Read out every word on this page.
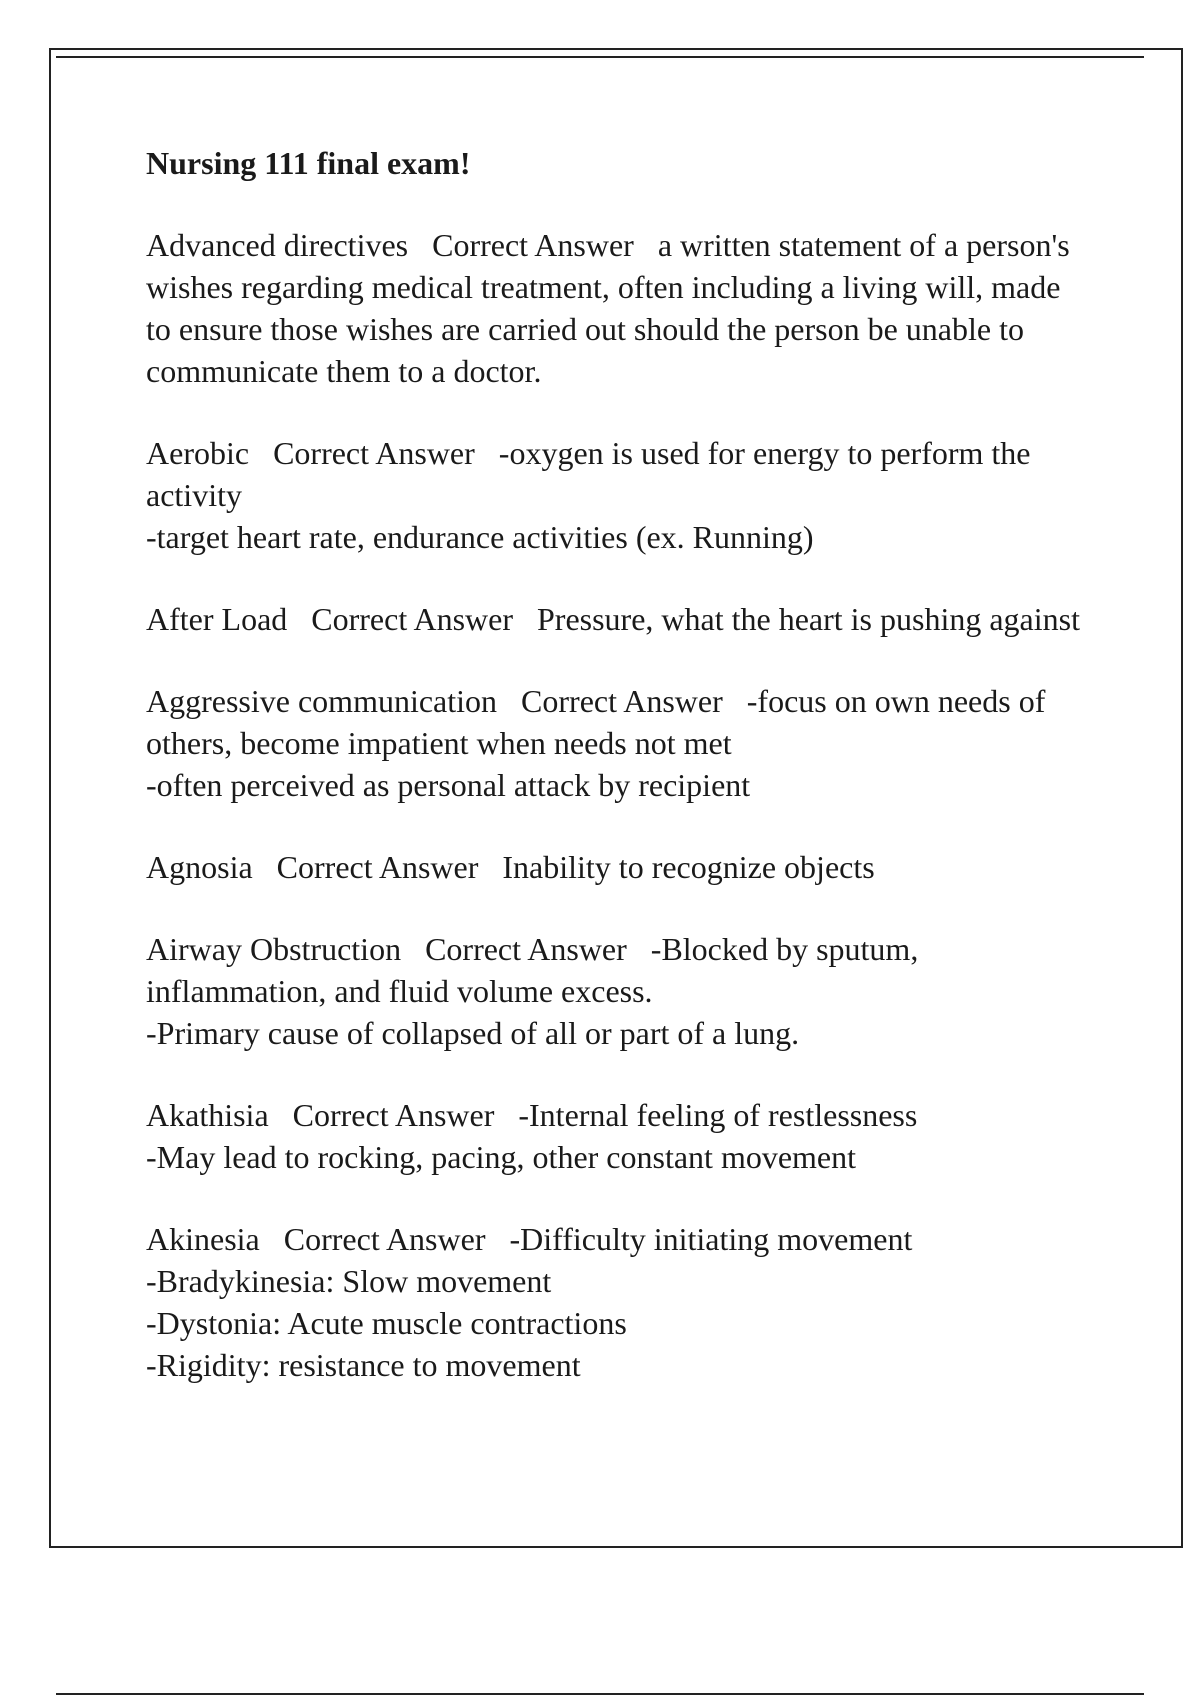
Nursing 111 final exam!
Advanced directives Correct Answer a written statement of a person's wishes regarding medical treatment, often including a living will, made to ensure those wishes are carried out should the person be unable to communicate them to a doctor.
Aerobic Correct Answer -oxygen is used for energy to perform the activity
-target heart rate, endurance activities (ex. Running)
After Load Correct Answer Pressure, what the heart is pushing against
Aggressive communication Correct Answer -focus on own needs of others, become impatient when needs not met
-often perceived as personal attack by recipient
Agnosia Correct Answer Inability to recognize objects
Airway Obstruction Correct Answer -Blocked by sputum, inflammation, and fluid volume excess.
-Primary cause of collapsed of all or part of a lung.
Akathisia Correct Answer -Internal feeling of restlessness
-May lead to rocking, pacing, other constant movement
Akinesia Correct Answer -Difficulty initiating movement
-Bradykinesia: Slow movement
-Dystonia: Acute muscle contractions
-Rigidity: resistance to movement
